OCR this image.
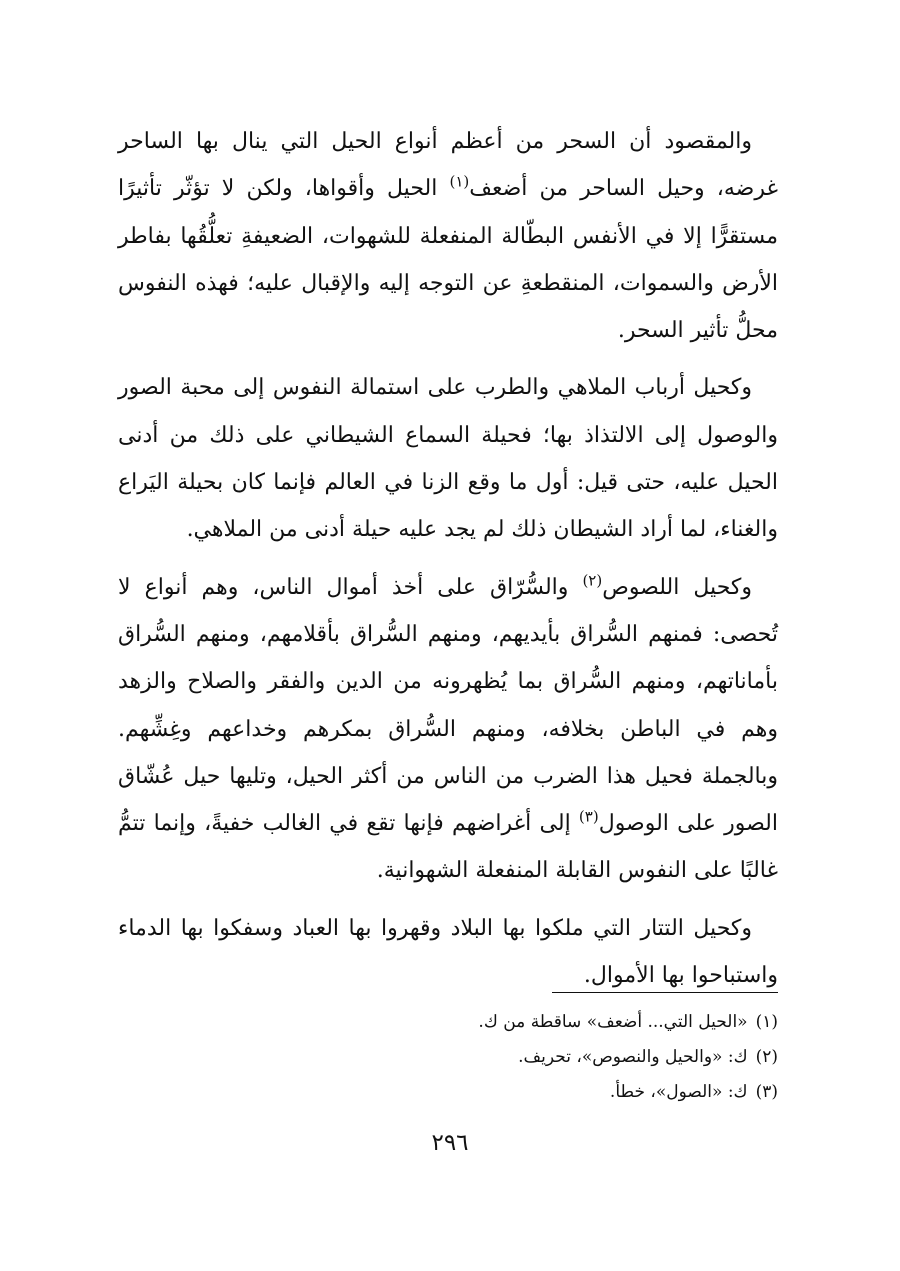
والمقصود أن السحر من أعظم أنواع الحيل التي ينال بها الساحر غرضه، وحيل الساحر من أضعف$^{(١)}$ الحيل وأقواها، ولكن لا تؤثّر تأثيرًا مستقرًّا إلا في الأنفس البطّالة المنفعلة للشهوات، الضعيفةِ تعلُّقُها بفاطر الأرض والسموات، المنقطعةِ عن التوجه إليه والإقبال عليه؛ فهذه النفوس محلُّ تأثير السحر.

وكحيل أرباب الملاهي والطرب على استمالة النفوس إلى محبة الصور والوصول إلى الالتذاذ بها؛ فحيلة السماع الشيطاني على ذلك من أدنى الحيل عليه، حتى قيل: أول ما وقع الزنا في العالم فإنما كان بحيلة اليَراع والغناء، لما أراد الشيطان ذلك لم يجد عليه حيلة أدنى من الملاهي.

وكحيل اللصوص$^{(٢)}$ والسُّرّاق على أخذ أموال الناس، وهم أنواع لا تُحصى: فمنهم السُّراق بأيديهم، ومنهم السُّراق بأقلامهم، ومنهم السُّراق بأماناتهم، ومنهم السُّراق بما يُظهرونه من الدين والفقر والصلاح والزهد وهم في الباطن بخلافه، ومنهم السُّراق بمكرهم وخداعهم وغِشِّهم. وبالجملة فحيل هذا الضرب من الناس من أكثر الحيل، وتليها حيل عُشّاق الصور على الوصول$^{(٣)}$ إلى أغراضهم فإنها تقع في الغالب خفيةً، وإنما تتمُّ غالبًا على النفوس القابلة المنفعلة الشهوانية.

وكحيل التتار التي ملكوا بها البلاد وقهروا بها العباد وسفكوا بها الدماء واستباحوا بها الأموال.

(١)«الحيل التي... أضعف» ساقطة من ك.

(٢)ك: «والحيل والنصوص»، تحريف.

(٣)ك: «الصول»، خطأ.

٢٩٦
